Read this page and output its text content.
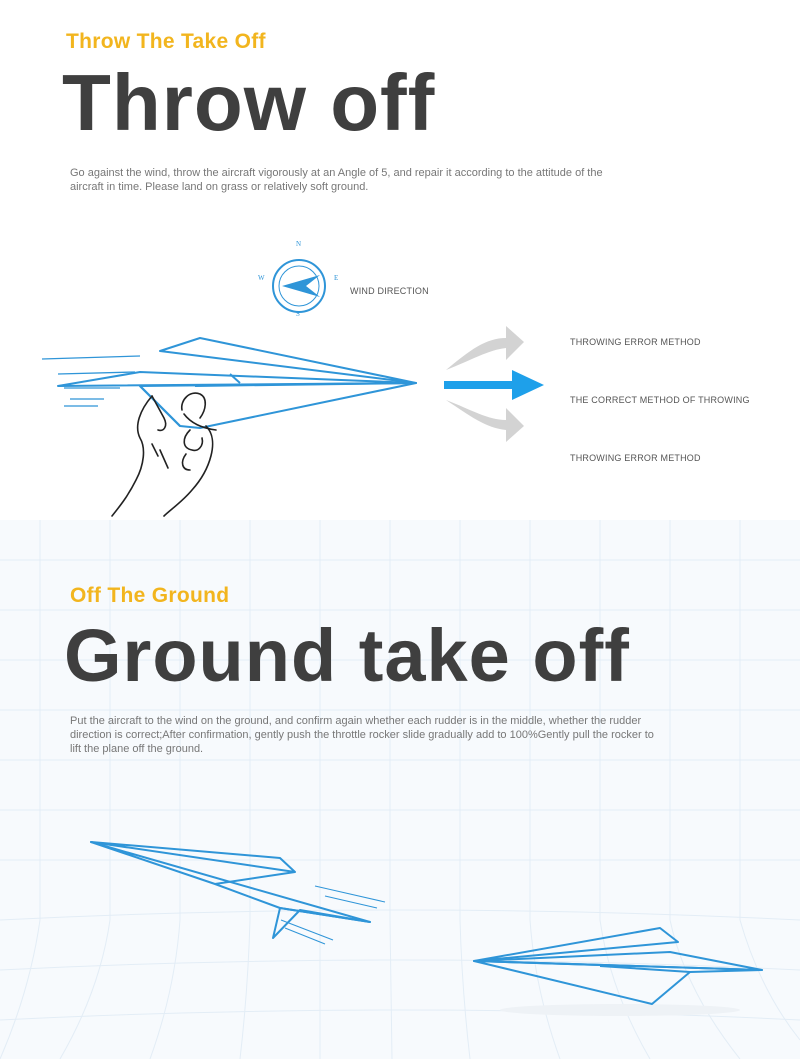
Throw The Take Off
Throw off
Go against the wind, throw the aircraft vigorously at an Angle of 5, and repair it according to the attitude of the aircraft in time. Please land on grass or relatively soft ground.
N
S
E
W
WIND DIRECTION
THROWING ERROR METHOD
THE CORRECT METHOD OF THROWING
THROWING ERROR METHOD
Off The Ground
Ground take off
Put the aircraft to the wind on the ground, and confirm again whether each rudder is in the middle, whether the rudder direction is correct;After confirmation, gently push the throttle rocker slide gradually add to 100%Gently pull the rocker to lift the plane off the ground.
